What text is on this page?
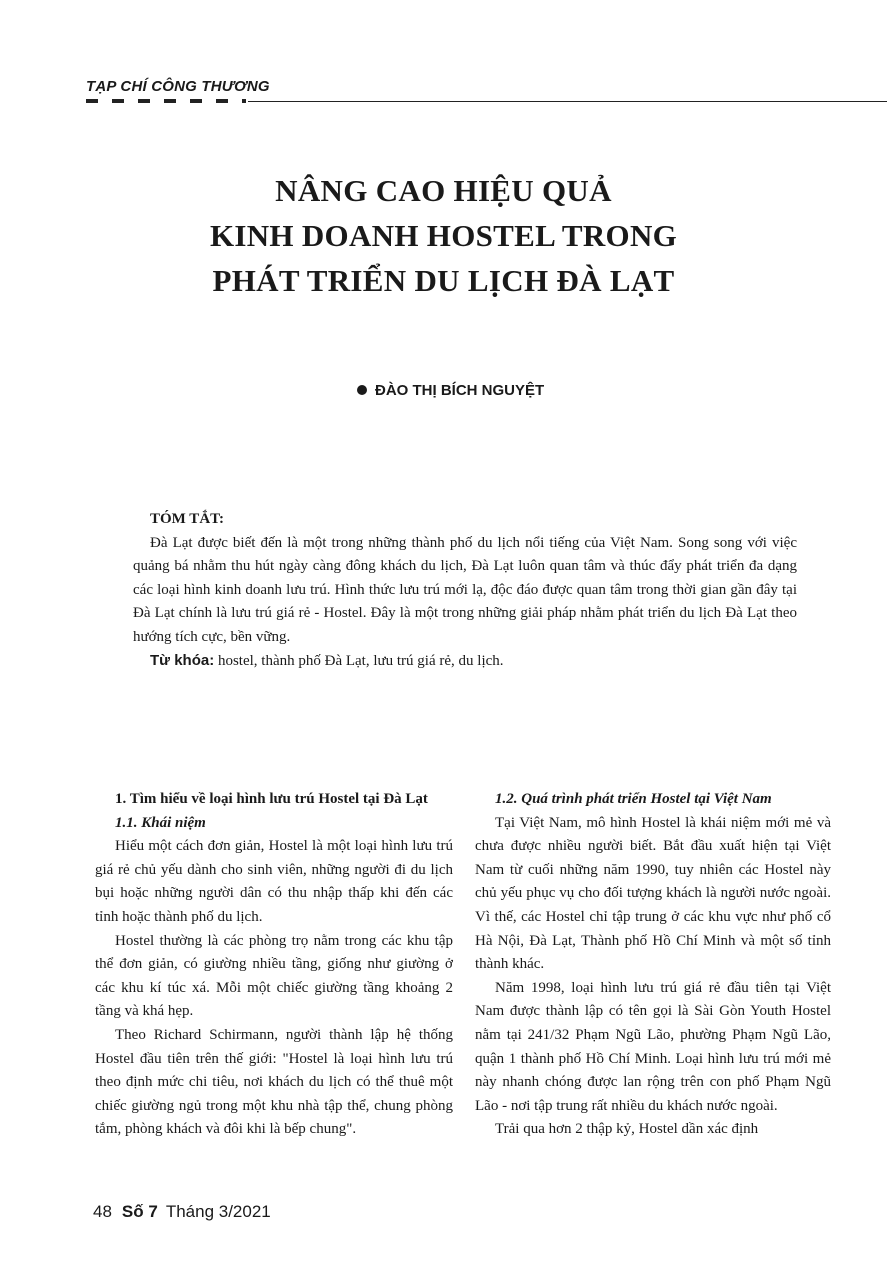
TẠP CHÍ CÔNG THƯƠNG
NÂNG CAO HIỆU QUẢ
KINH DOANH HOSTEL TRONG
PHÁT TRIỂN DU LỊCH ĐÀ LẠT
ĐÀO THỊ BÍCH NGUYỆT
TÓM TẮT:

Đà Lạt được biết đến là một trong những thành phố du lịch nổi tiếng của Việt Nam. Song song với việc quảng bá nhằm thu hút ngày càng đông khách du lịch, Đà Lạt luôn quan tâm và thúc đẩy phát triển đa dạng các loại hình kinh doanh lưu trú. Hình thức lưu trú mới lạ, độc đáo được quan tâm trong thời gian gần đây tại Đà Lạt chính là lưu trú giá rẻ - Hostel. Đây là một trong những giải pháp nhằm phát triển du lịch Đà Lạt theo hướng tích cực, bền vững.

Từ khóa: hostel, thành phố Đà Lạt, lưu trú giá rẻ, du lịch.

1. Tìm hiểu về loại hình lưu trú Hostel tại Đà Lạt
1.1. Khái niệm

Hiểu một cách đơn giản, Hostel là một loại hình lưu trú giá rẻ chủ yếu dành cho sinh viên, những người đi du lịch bụi hoặc những người dân có thu nhập thấp khi đến các tỉnh hoặc thành phố du lịch.

Hostel thường là các phòng trọ nằm trong các khu tập thể đơn giản, có giường nhiều tầng, giống như giường ở các khu kí túc xá. Mỗi một chiếc giường tầng khoảng 2 tầng và khá hẹp.

Theo Richard Schirmann, người thành lập hệ thống Hostel đầu tiên trên thế giới: "Hostel là loại hình lưu trú theo định mức chi tiêu, nơi khách du lịch có thể thuê một chiếc giường ngủ trong một khu nhà tập thể, chung phòng tắm, phòng khách và đôi khi là bếp chung".

1.2. Quá trình phát triển Hostel tại Việt Nam

Tại Việt Nam, mô hình Hostel là khái niệm mới mẻ và chưa được nhiều người biết. Bắt đầu xuất hiện tại Việt Nam từ cuối những năm 1990, tuy nhiên các Hostel này chủ yếu phục vụ cho đối tượng khách là người nước ngoài. Vì thế, các Hostel chỉ tập trung ở các khu vực như phố cổ Hà Nội, Đà Lạt, Thành phố Hồ Chí Minh và một số tỉnh thành khác.

Năm 1998, loại hình lưu trú giá rẻ đầu tiên tại Việt Nam được thành lập có tên gọi là Sài Gòn Youth Hostel nằm tại 241/32 Phạm Ngũ Lão, phường Phạm Ngũ Lão, quận 1 thành phố Hồ Chí Minh. Loại hình lưu trú mới mẻ này nhanh chóng được lan rộng trên con phố Phạm Ngũ Lão - nơi tập trung rất nhiều du khách nước ngoài.

Trải qua hơn 2 thập kỷ, Hostel dần xác định

48 Số 7 Tháng 3/2021
